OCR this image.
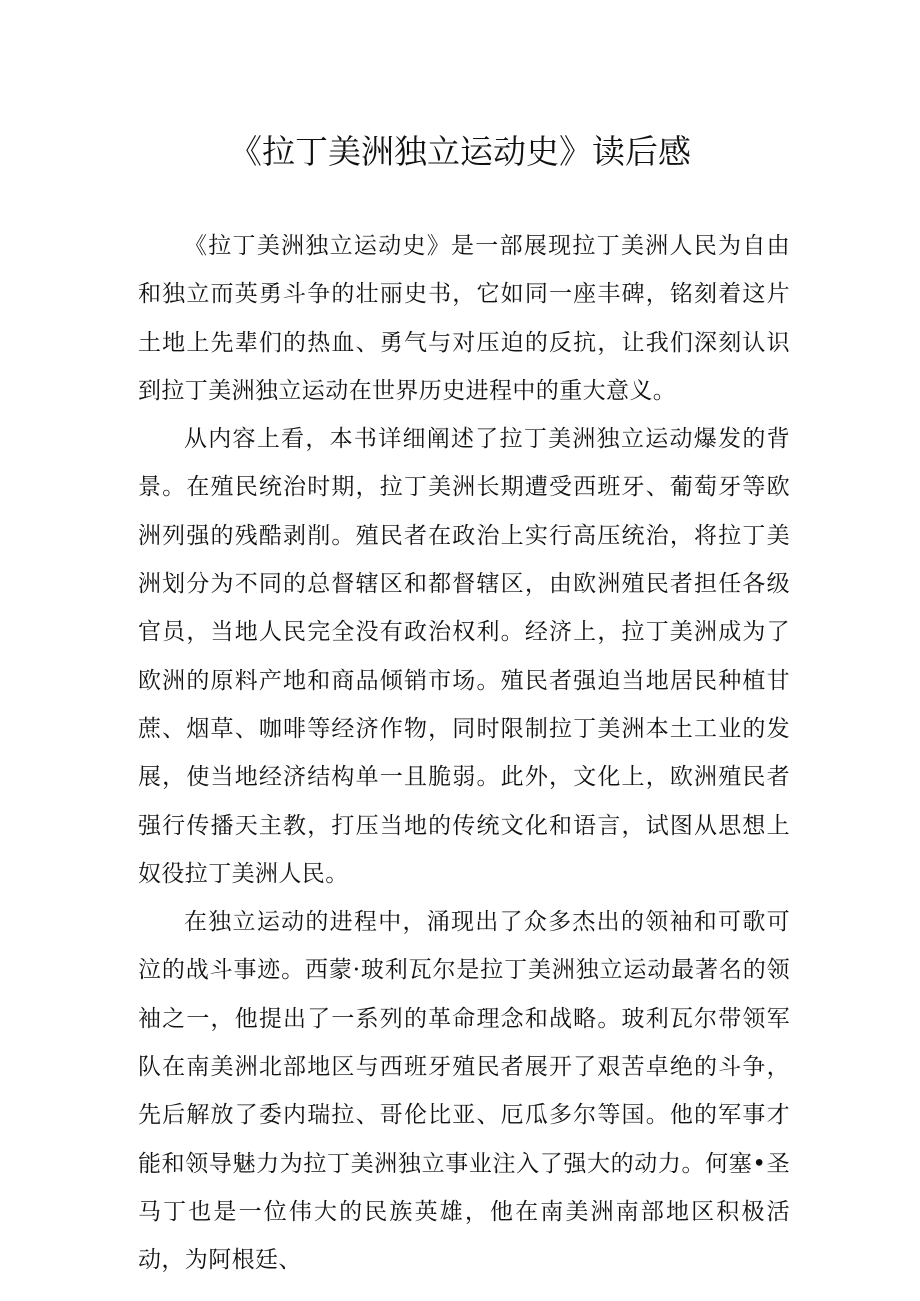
《拉丁美洲独立运动史》读后感

《拉丁美洲独立运动史》是一部展现拉丁美洲人民为自由和独立而英勇斗争的壮丽史书，它如同一座丰碑，铭刻着这片土地上先辈们的热血、勇气与对压迫的反抗，让我们深刻认识到拉丁美洲独立运动在世界历史进程中的重大意义。

从内容上看，本书详细阐述了拉丁美洲独立运动爆发的背景。在殖民统治时期，拉丁美洲长期遭受西班牙、葡萄牙等欧洲列强的残酷剥削。殖民者在政治上实行高压统治，将拉丁美洲划分为不同的总督辖区和都督辖区，由欧洲殖民者担任各级官员，当地人民完全没有政治权利。经济上，拉丁美洲成为了欧洲的原料产地和商品倾销市场。殖民者强迫当地居民种植甘蔗、烟草、咖啡等经济作物，同时限制拉丁美洲本土工业的发展，使当地经济结构单一且脆弱。此外，文化上，欧洲殖民者强行传播天主教，打压当地的传统文化和语言，试图从思想上奴役拉丁美洲人民。

在独立运动的进程中，涌现出了众多杰出的领袖和可歌可泣的战斗事迹。西蒙·玻利瓦尔是拉丁美洲独立运动最著名的领袖之一，他提出了一系列的革命理念和战略。玻利瓦尔带领军队在南美洲北部地区与西班牙殖民者展开了艰苦卓绝的斗争，先后解放了委内瑞拉、哥伦比亚、厄瓜多尔等国。他的军事才能和领导魅力为拉丁美洲独立事业注入了强大的动力。何塞•圣马丁也是一位伟大的民族英雄，他在南美洲南部地区积极活动，为阿根廷、
